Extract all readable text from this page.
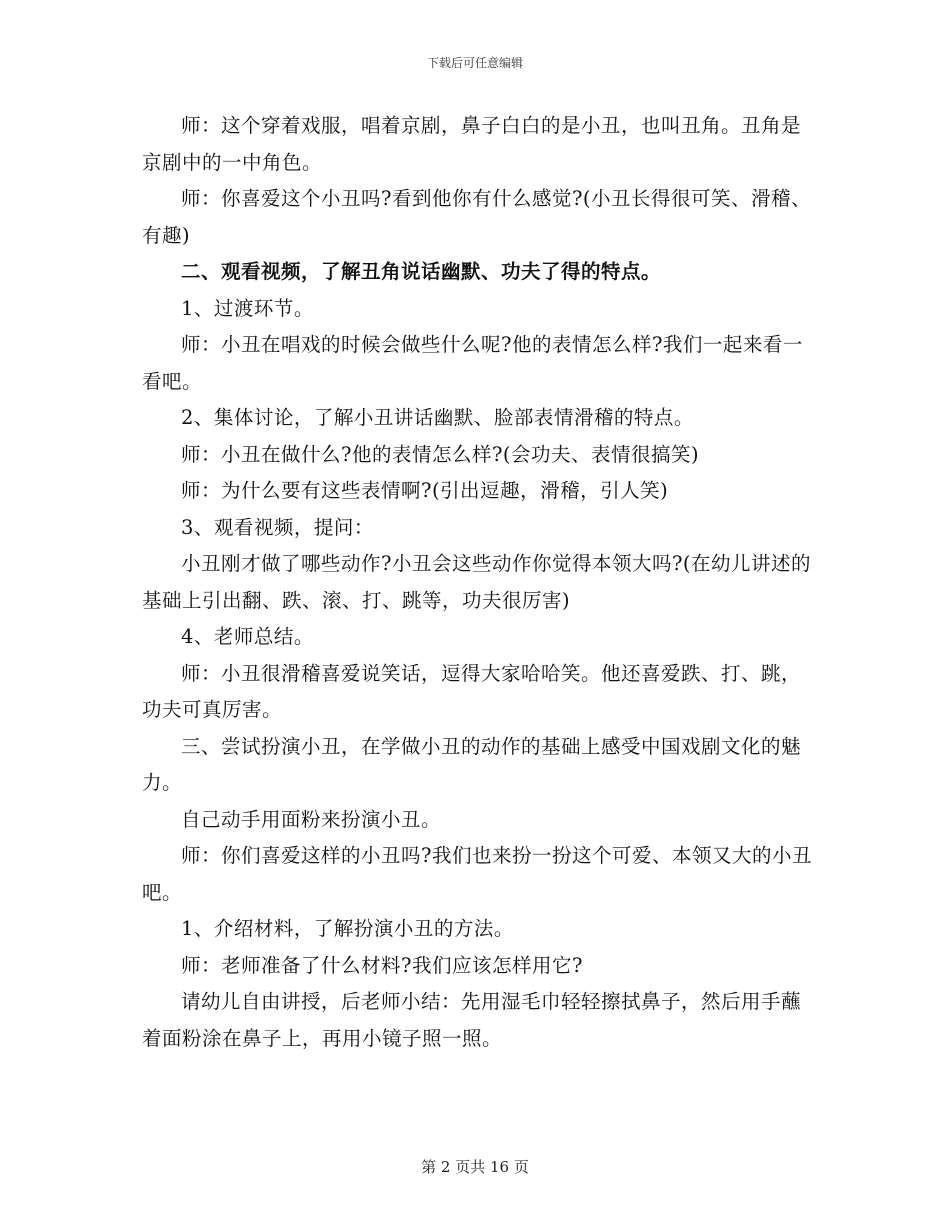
下载后可任意编辑

师：这个穿着戏服，唱着京剧，鼻子白白的是小丑，也叫丑角。丑角是京剧中的一中角色。

师：你喜爱这个小丑吗?看到他你有什么感觉?(小丑长得很可笑、滑稽、有趣)

二、观看视频，了解丑角说话幽默、功夫了得的特点。

1、过渡环节。

师：小丑在唱戏的时候会做些什么呢?他的表情怎么样?我们一起来看一看吧。

2、集体讨论，了解小丑讲话幽默、脸部表情滑稽的特点。

师：小丑在做什么?他的表情怎么样?(会功夫、表情很搞笑)

师：为什么要有这些表情啊?(引出逗趣，滑稽，引人笑)

3、观看视频，提问：

小丑刚才做了哪些动作?小丑会这些动作你觉得本领大吗?(在幼儿讲述的基础上引出翻、跌、滚、打、跳等，功夫很厉害)

4、老师总结。

师：小丑很滑稽喜爱说笑话，逗得大家哈哈笑。他还喜爱跌、打、跳，功夫可真厉害。

三、尝试扮演小丑，在学做小丑的动作的基础上感受中国戏剧文化的魅力。

自己动手用面粉来扮演小丑。

师：你们喜爱这样的小丑吗?我们也来扮一扮这个可爱、本领又大的小丑吧。

1、介绍材料，了解扮演小丑的方法。

师：老师准备了什么材料?我们应该怎样用它?

请幼儿自由讲授，后老师小结：先用湿毛巾轻轻擦拭鼻子，然后用手蘸着面粉涂在鼻子上，再用小镜子照一照。

第 2 页共 16 页
